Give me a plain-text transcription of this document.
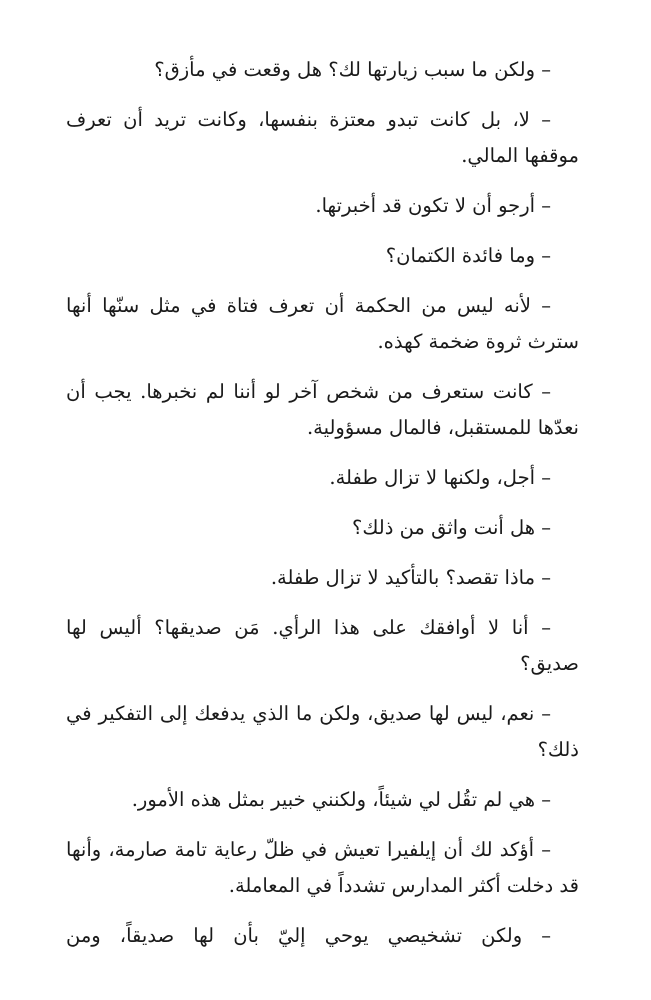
– ولكن ما سبب زيارتها لك؟ هل وقعت في مأزق؟

– لا، بل كانت تبدو معتزة بنفسها، وكانت تريد أن تعرف موقفها المالي.

– أرجو أن لا تكون قد أخبرتها.

– وما فائدة الكتمان؟

– لأنه ليس من الحكمة أن تعرف فتاة في مثل سنّها أنها سترث ثروة ضخمة كهذه.

– كانت ستعرف من شخص آخر لو أننا لم نخبرها. يجب أن نعدّها للمستقبل، فالمال مسؤولية.

– أجل، ولكنها لا تزال طفلة.

– هل أنت واثق من ذلك؟

– ماذا تقصد؟ بالتأكيد لا تزال طفلة.

– أنا لا أوافقك على هذا الرأي. مَن صديقها؟ أليس لها صديق؟

– نعم، ليس لها صديق، ولكن ما الذي يدفعك إلى التفكير في ذلك؟

– هي لم تقُل لي شيئاً، ولكنني خبير بمثل هذه الأمور.

– أؤكد لك أن إيلفيرا تعيش في ظلّ رعاية تامة صارمة، وأنها قد دخلت أكثر المدارس تشدداً في المعاملة.

– ولكن تشخيصي يوحي إليّ بأن لها صديقاً، ومن
